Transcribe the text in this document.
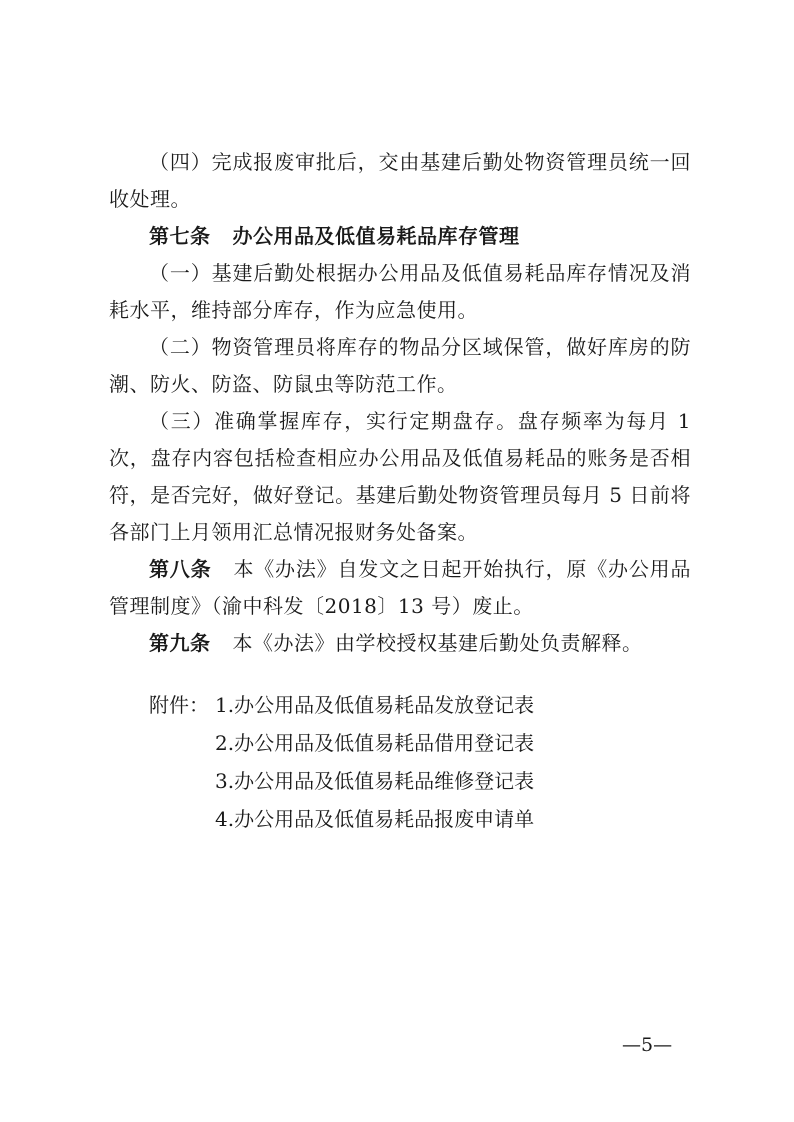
（四）完成报废审批后，交由基建后勤处物资管理员统一回收处理。

第七条 办公用品及低值易耗品库存管理

（一）基建后勤处根据办公用品及低值易耗品库存情况及消耗水平，维持部分库存，作为应急使用。

（二）物资管理员将库存的物品分区域保管，做好库房的防潮、防火、防盗、防鼠虫等防范工作。

（三）准确掌握库存，实行定期盘存。盘存频率为每月 1 次，盘存内容包括检查相应办公用品及低值易耗品的账务是否相符，是否完好，做好登记。基建后勤处物资管理员每月 5 日前将各部门上月领用汇总情况报财务处备案。

第八条 本《办法》自发文之日起开始执行，原《办公用品管理制度》（渝中科发〔2018〕13 号）废止。

第九条 本《办法》由学校授权基建后勤处负责解释。

附件： 1.办公用品及低值易耗品发放登记表
2.办公用品及低值易耗品借用登记表
3.办公用品及低值易耗品维修登记表
4.办公用品及低值易耗品报废申请单
—5—
